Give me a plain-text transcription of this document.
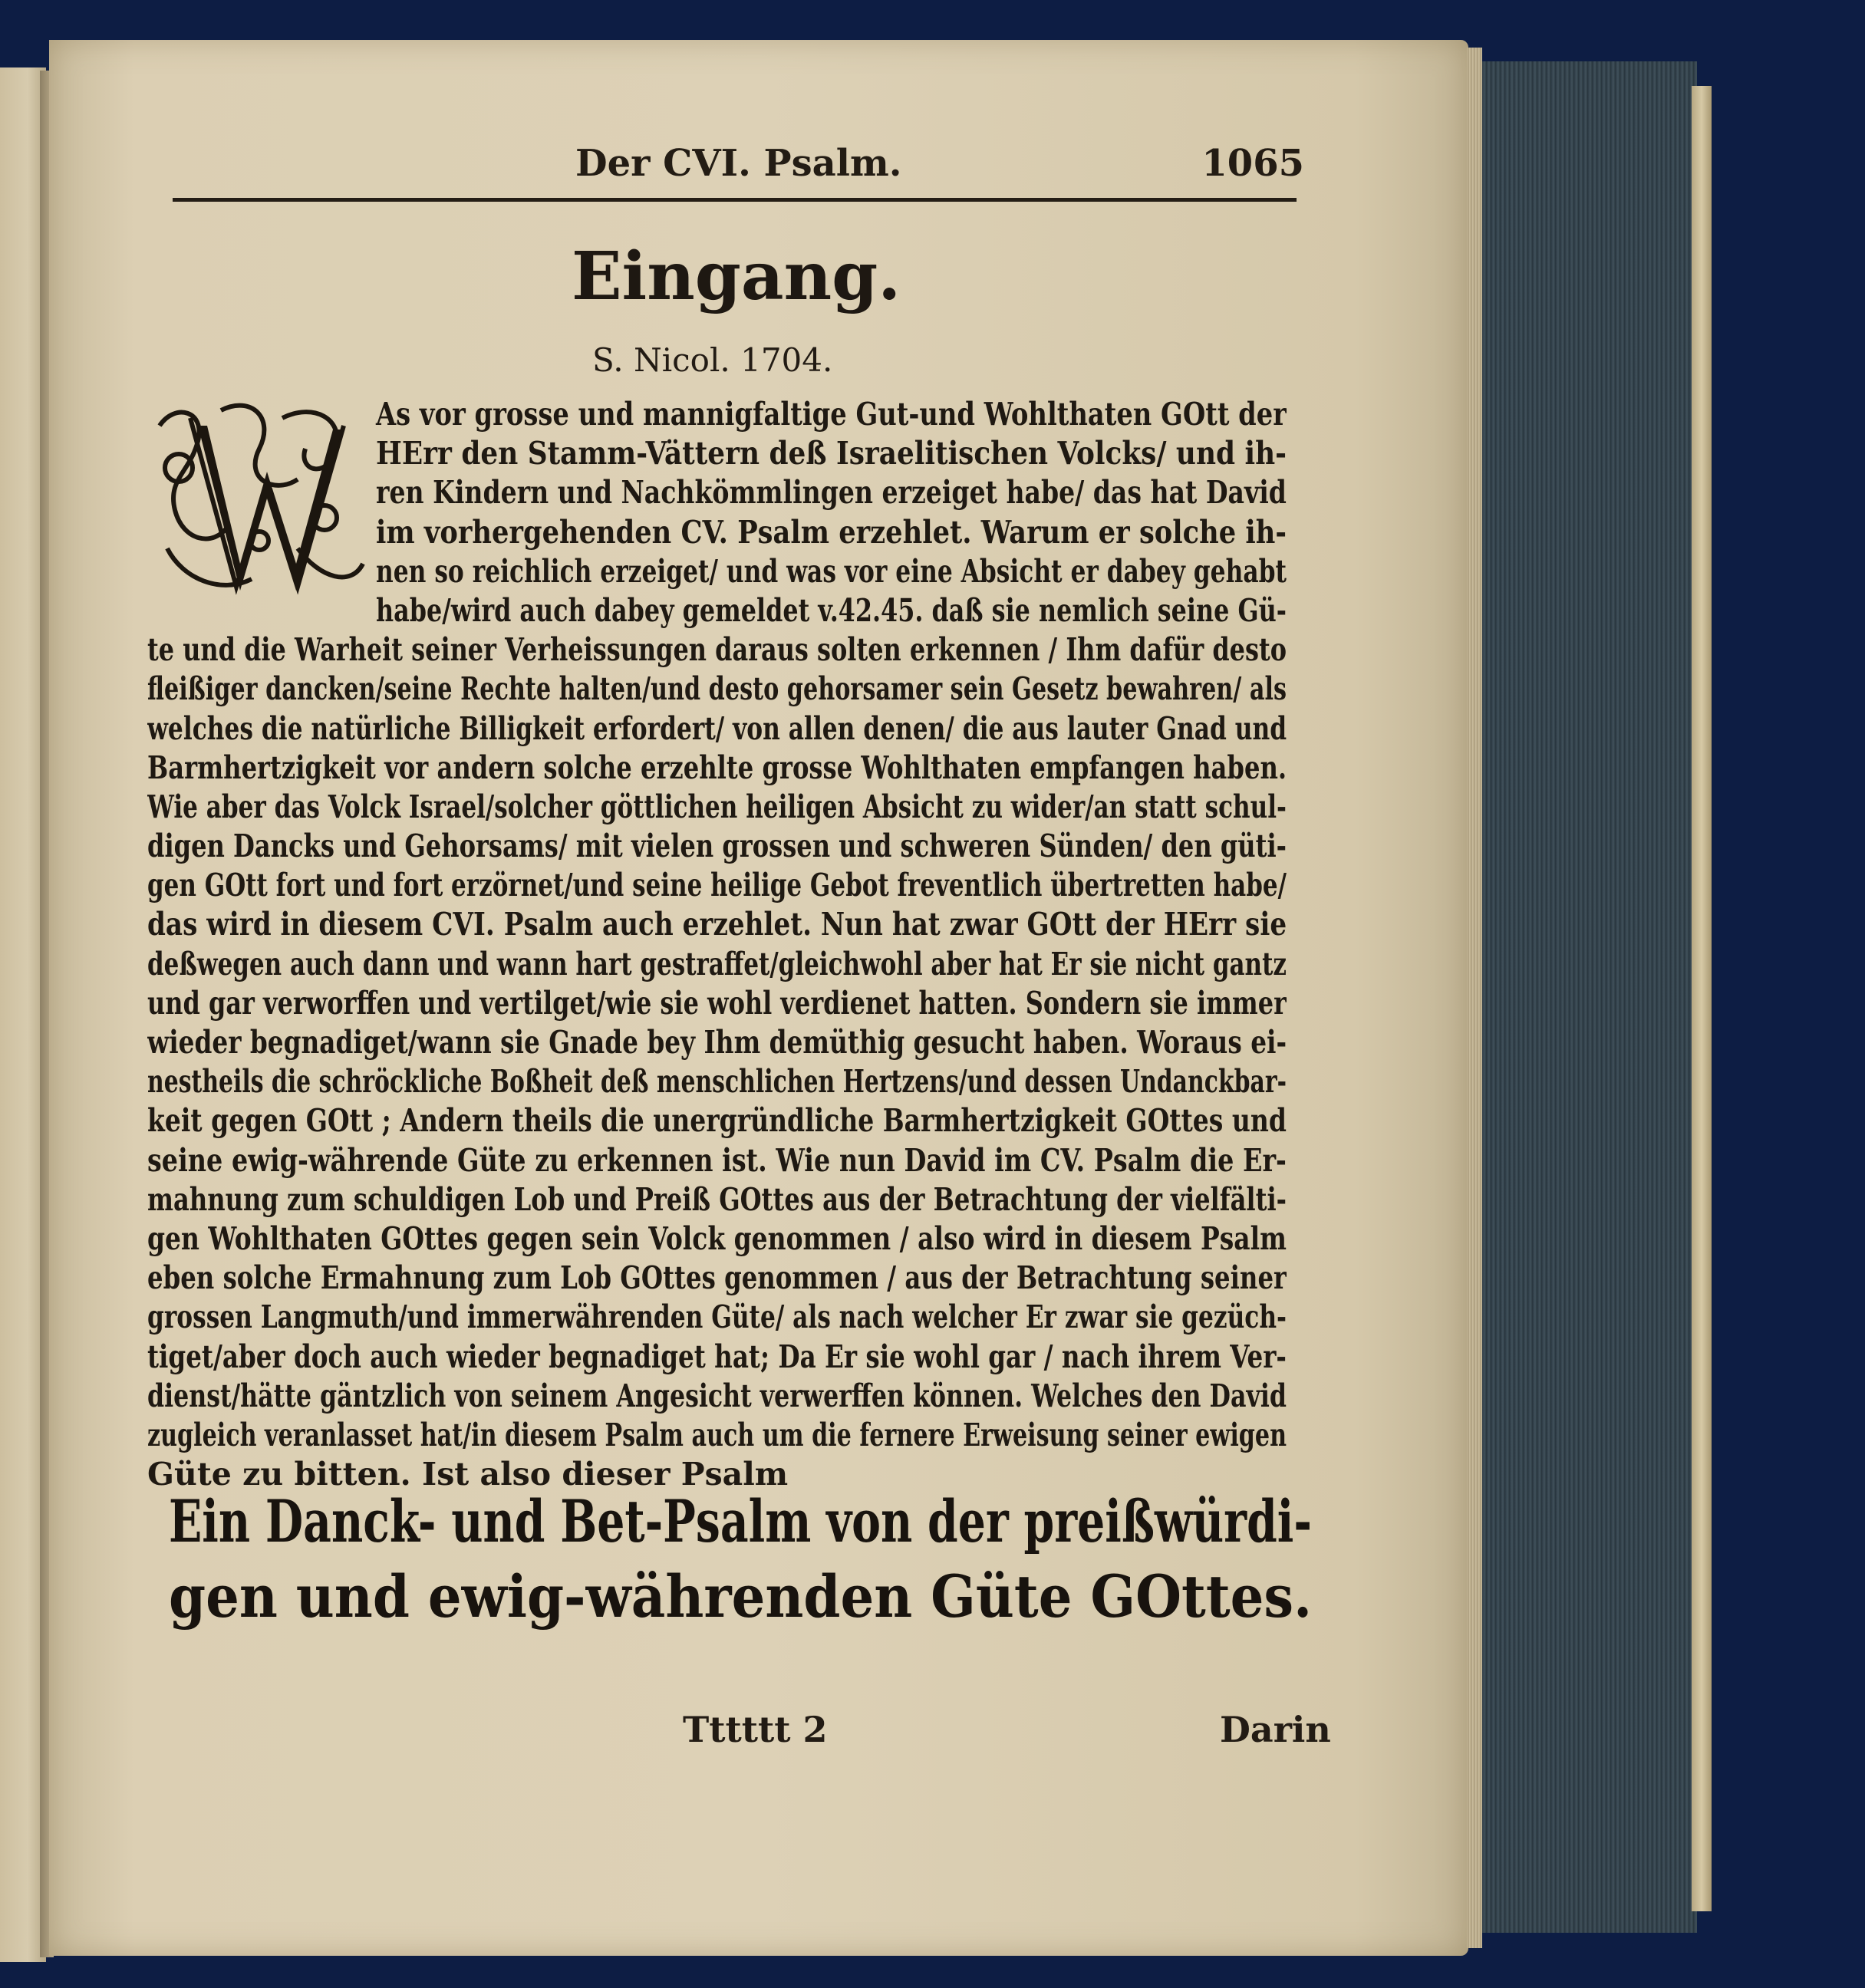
Der CVI. Psalm.	1065
Eingang.
S. Nicol. 1704.
As vor grosse und mannigfaltige Gut-und Wohlthaten GOtt der
HErr den Stamm-Vättern deß Israelitischen Volcks/ und ih-
ren Kindern und Nachkömmlingen erzeiget habe/ das hat David
im vorhergehenden CV. Psalm erzehlet. Warum er solche ih-
nen so reichlich erzeiget/ und was vor eine Absicht er dabey gehabt
habe/wird auch dabey gemeldet v.42.45. daß sie nemlich seine Gü-
te und die Warheit seiner Verheissungen daraus solten erkennen / Ihm dafür desto
fleißiger dancken/seine Rechte halten/und desto gehorsamer sein Gesetz bewahren/ als
welches die natürliche Billigkeit erfordert/ von allen denen/ die aus lauter Gnad und
Barmhertzigkeit vor andern solche erzehlte grosse Wohlthaten empfangen haben.
Wie aber das Volck Israel/solcher göttlichen heiligen Absicht zu wider/an statt schul-
digen Dancks und Gehorsams/ mit vielen grossen und schweren Sünden/ den güti-
gen GOtt fort und fort erzörnet/und seine heilige Gebot freventlich übertretten habe/
das wird in diesem CVI. Psalm auch erzehlet. Nun hat zwar GOtt der HErr sie
deßwegen auch dann und wann hart gestraffet/gleichwohl aber hat Er sie nicht gantz
und gar verworffen und vertilget/wie sie wohl verdienet hatten. Sondern sie immer
wieder begnadiget/wann sie Gnade bey Ihm demüthig gesucht haben. Woraus ei-
nestheils die schröckliche Boßheit deß menschlichen Hertzens/und dessen Undanckbar-
keit gegen GOtt ; Andern theils die unergründliche Barmhertzigkeit GOttes und
seine ewig-währende Güte zu erkennen ist. Wie nun David im CV. Psalm die Er-
mahnung zum schuldigen Lob und Preiß GOttes aus der Betrachtung der vielfälti-
gen Wohlthaten GOttes gegen sein Volck genommen / also wird in diesem Psalm
eben solche Ermahnung zum Lob GOttes genommen / aus der Betrachtung seiner
grossen Langmuth/und immerwährenden Güte/ als nach welcher Er zwar sie gezüch-
tiget/aber doch auch wieder begnadiget hat; Da Er sie wohl gar / nach ihrem Ver-
dienst/hätte gäntzlich von seinem Angesicht verwerffen können. Welches den David
zugleich veranlasset hat/in diesem Psalm auch um die fernere Erweisung seiner ewigen
Güte zu bitten. Ist also dieser Psalm
Ein Danck- und Bet-Psalm von der preißwürdi-
gen und ewig-währenden Güte GOttes.
Tttttt 2	Darin
